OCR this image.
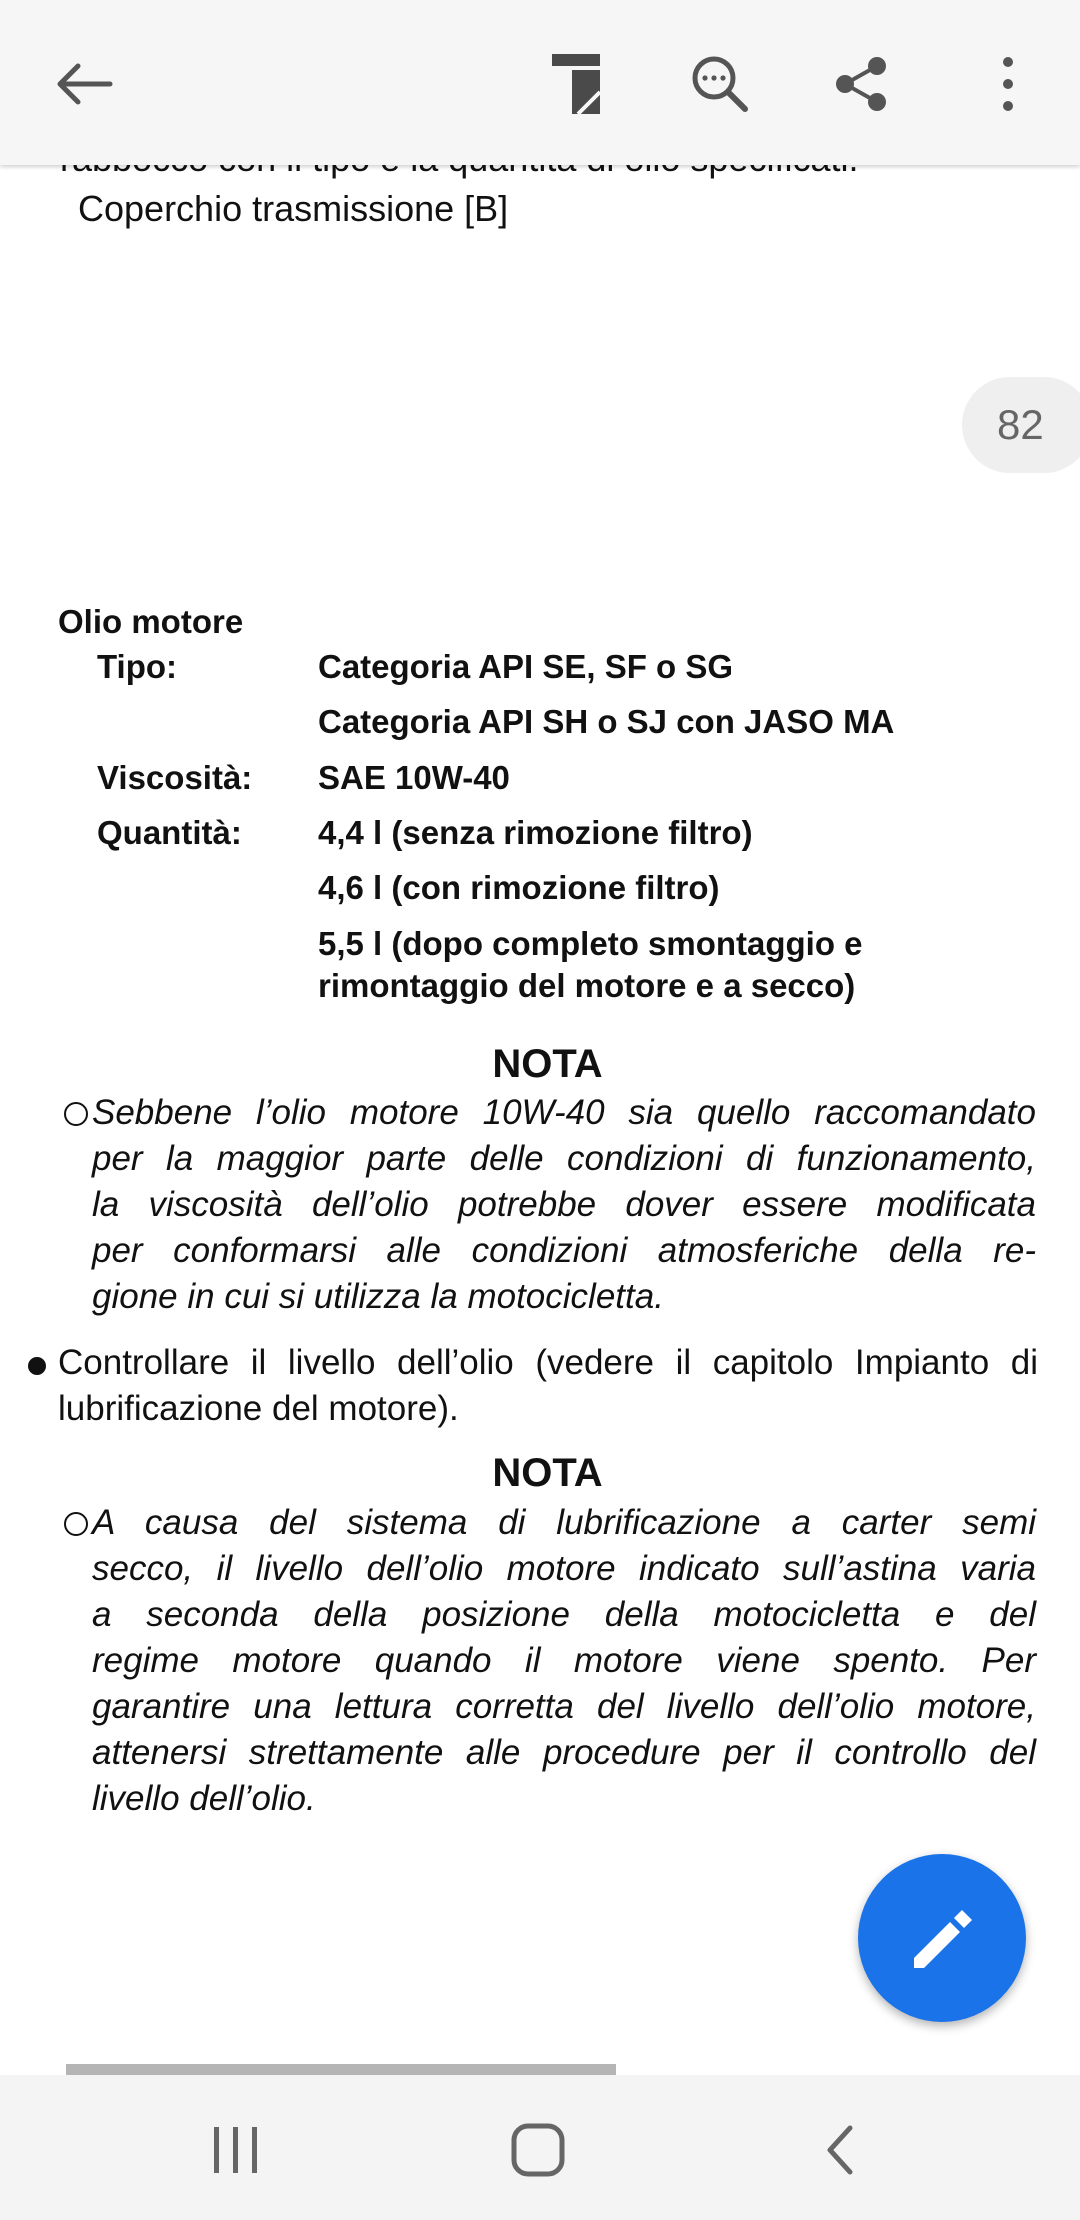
Coperchio trasmissione [B]
Olio motore
Tipo:	Categoria API SE, SF o SG
Categoria API SH o SJ con JASO MA
Viscosità: SAE 10W-40
Quantità: 4,4 l (senza rimozione filtro)
4,6 l (con rimozione filtro)
5,5 l (dopo completo smontaggio e
rimontaggio del motore e a secco)
NOTA
Sebbene l’olio motore 10W-40 sia quello raccomandato
per la maggior parte delle condizioni di funzionamento,
la viscosità dell’olio potrebbe dover essere modificata
per conformarsi alle condizioni atmosferiche della re-
gione in cui si utilizza la motocicletta.
Controllare il livello dell’olio (vedere il capitolo Impianto di
lubrificazione del motore).
NOTA
A causa del sistema di lubrificazione a carter semi
secco, il livello dell’olio motore indicato sull’astina varia
a seconda della posizione della motocicletta e del
regime motore quando il motore viene spento. Per
garantire una lettura corretta del livello dell’olio motore,
attenersi strettamente alle procedure per il controllo del
livello dell’olio.
82
